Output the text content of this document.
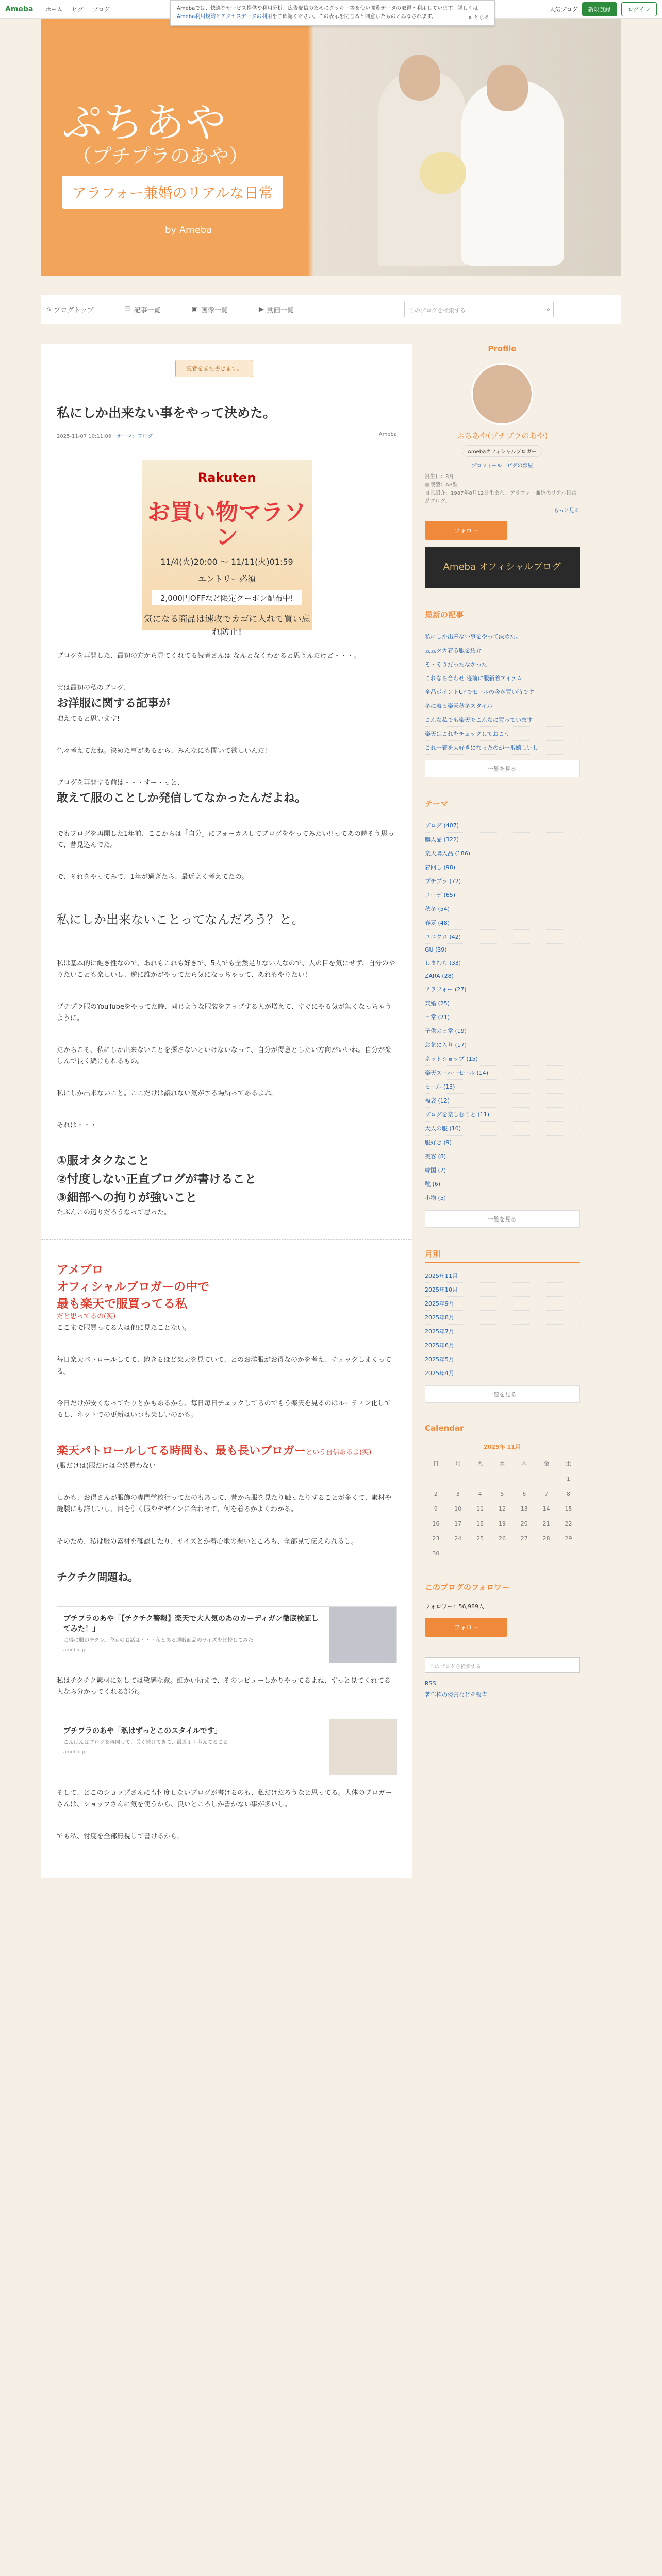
Ameba ホーム ピグ ブログ	人気ブログ	新規登録	ログイン
Amebaでは、快適なサービス提供や利用分析、広告配信のためにクッキー等を使い閲覧データの取得・利用しています。詳しくはAmeba利用規約とアクセスデータの利用をご確認ください。この表示を閉じると同意したものとみなされます。	× とじる
ぷちあや
（プチプラのあや）
アラフォー兼婚のリアルな日常
by Ameba
⌂ ブログトップ	☰ 記事一覧	▣ 画像一覧	▶ 動画一覧	このブログを検索する	⌕
読者をまた書きます。
私にしか出来ない事をやって決めた。
2025-11-07 10:11:09　 テーマ：ブログ	Ameba
Rakuten
お買い物マラソン
11/4(火)20:00 〜 11/11(火)01:59
エントリー必須
2,000円OFFなど限定クーポン配布中!
気になる商品は速攻でカゴに入れて買い忘れ防止!

ブログを再開した、最初の方から見てくれてる読者さんは なんとなくわかると思うんだけど・・・。

実は最初の私のブログ、
お洋服に関する記事が
増えてると思います!

色々考えてたね。決めた事があるから、みんなにも聞いて欲しいんだ!

ブログを再開する前は・・・すー・っと、
敢えて服のことしか発信してなかったんだよね。

でもブログを再開した1年前、ここからは「自分」にフォーカスしてブログをやってみたい!!ってあの時そう思って、昔見込んでた。

で、それをやってみて、1年が過ぎたら、最近よく考えてたの。

私にしか出来ないことってなんだろう？と。

私は基本的に飽き性なので、あれもこれも好きで、5人でも全然足りない人なので、人の目を気にせず、自分のやりたいことも楽しいし、逆に誰かがやってたら気になっちゃって、あれもやりたい！

プチプラ服のYouTubeをやってた時、同じような服装をアップする人が増えて、すぐにやる気が無くなっちゃうように。

だからこそ、私にしか出来ないことを探さないといけないなって、自分が得意としたい方向がいいね。自分が楽しんで長く続けられるもの。

私にしか出来ないこと。ここだけは譲れない気がする場所ってあるよね。

それは・・・

①服オタクなこと
②忖度しない正直ブログが書けること
③細部への拘りが強いこと

たぶんこの辺りだろうなって思った。

アメブロ
オフィシャルブロガーの中で
最も楽天で服買ってる私

だと思ってるの(笑)
ここまで服買ってる人は他に見たことない。

毎日楽天パトロールしてて、飽きるほど楽天を見ていて、どのお洋服がお得なのかを考え、チェックしまくってる。

今日だけが安くなってたりとかもあるから、毎日毎日チェックしてるのでもう楽天を見るのはルーティン化してるし、ネットでの更新はいつも楽しいのかも。

楽天パトロールしてる時間も、最も長いブロガーという自信あるよ(笑)
(服だけは)服だけは全然買わない

しかも、お得さんが服飾の専門学校行ってたのもあって、昔から服を見たり触ったりすることが多くて、素材や縫製にも詳しいし、目を引く服やデザインに合わせて、何を着るかよくわかる。

そのため、私は服の素材を確認したり、サイズとか着心地の悪いところも、全部見て伝えられるし。

チクチク問題ね。

プチプラのあや「【チクチク警報】楽天で大人気のあのカーディガン徹底検証してみた！」
お得に服がチクン。今回のお話は・・・私とある通販商品のサイズを比較してみた
ameblo.jp

私はチクチク素材に対しては敏感な派。細かい所まで、そのレビューしかりやってるよね、ずっと見てくれてる人なら分かってくれる部分。

プチプラのあや「私はずっとこのスタイルです」
こんばんはブログを再開して、長く続けてきて、最近よく考えてること
ameblo.jp

そして、どこのショップさんにも忖度しないブログが書けるのも、私だけだろうなと思ってる。大体のブロガーさんは、ショップさんに気を使うから、良いところしか書かない事が多いし。

でも私、忖度を全部無視して書けるから。

Profile
ぷちあや(プチプラのあや)
Amebaオフィシャルブロガー
プロフィール　ピグの部屋
誕生日：8月
血液型：AB型
自己紹介：1987年8月12日生まれ、アラフォー兼婚のリアル日常系ブログ。
もっと見る
フォロー
Ameba オフィシャルブログ
最新の記事
私にしか出来ない事をやって決めた。
豆豆タカ着る服を紹介
そ・そうだったなかった
これなら合わせ 寝前に服新着アイテム
全品ポイントUPでセールの今が買い時です
冬に着る楽天秋冬スタイル
こんな私でも楽天でこんなに買っています
楽天はこれをチェックしておこう
これ一着を大好きになったのが一番嬉しいし
一覧を見る
テーマ
ブログ (407)
購入品 (322)
楽天購入品 (186)
着回し (98)
プチプラ (72)
コーデ (65)
秋冬 (54)
春夏 (48)
ユニクロ (42)
GU (39)
しまむら (33)
ZARA (28)
アラフォー (27)
兼婚 (25)
日常 (21)
子供の日常 (19)
お気に入り (17)
ネットショップ (15)
楽天スーパーセール (14)
セール (13)
福袋 (12)
ブログを楽しむこと (11)
大人の服 (10)
服好き (9)
美容 (8)
韓国 (7)
靴 (6)
小物 (5)
一覧を見る
月別
2025年11月
2025年10月
2025年9月
2025年8月
2025年7月
2025年6月
2025年5月
2025年4月
一覧を見る
Calendar
2025年 11月
日	月	火	水	木	金	土
						1
2	3	4	5	6	7	8
9	10	11	12	13	14	15
16	17	18	19	20	21	22
23	24	25	26	27	28	29
30						
このブログのフォロワー
フォロワー：56,989人
フォロー
このブログを検索する
RSS
著作権の侵害などを報告
